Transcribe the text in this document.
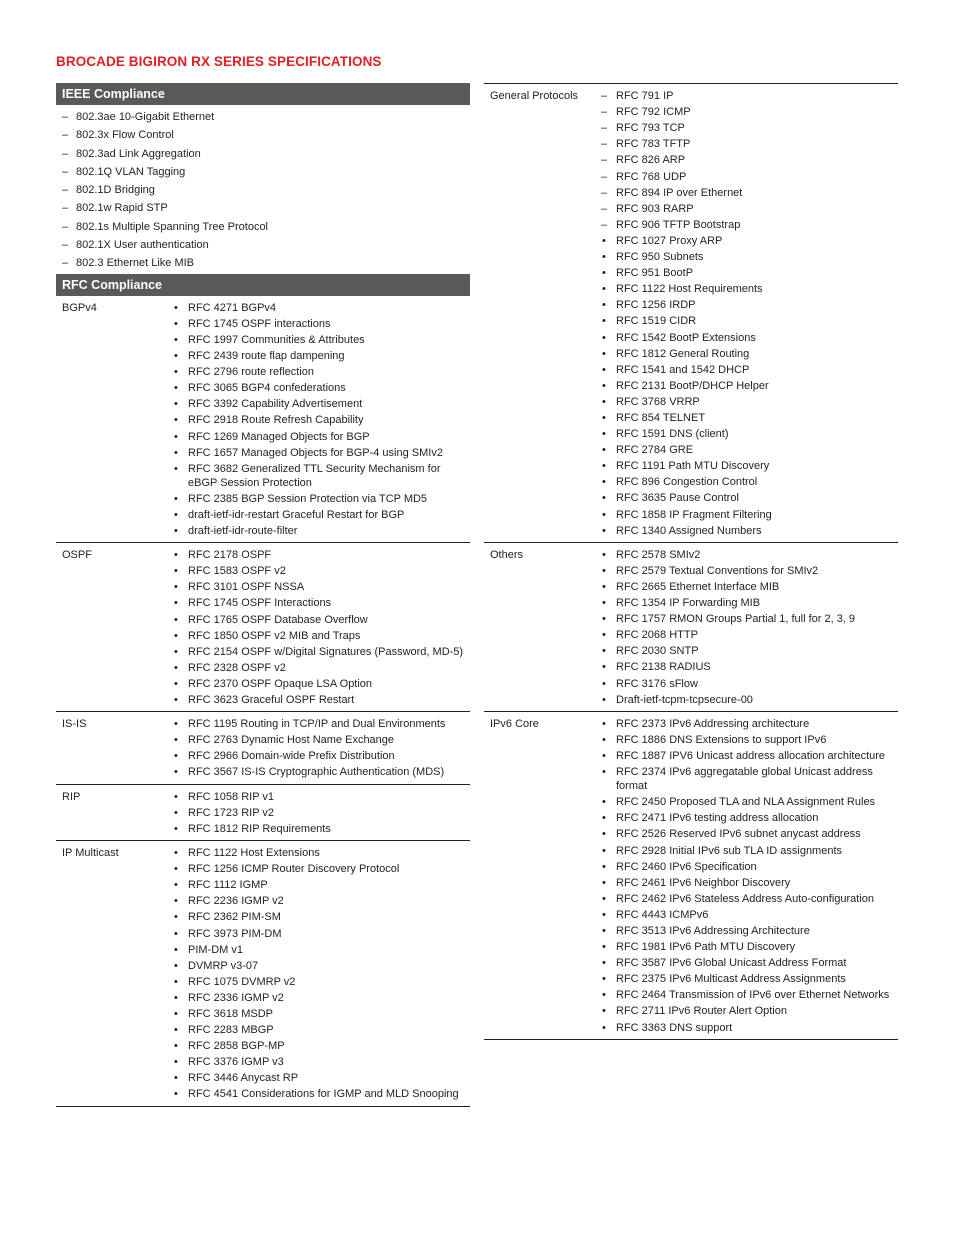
BROCADE BIGIRON RX SERIES SPECIFICATIONS
IEEE Compliance
– 802.3ae 10-Gigabit Ethernet
– 802.3x Flow Control
– 802.3ad Link Aggregation
– 802.1Q VLAN Tagging
– 802.1D Bridging
– 802.1w Rapid STP
– 802.1s Multiple Spanning Tree Protocol
– 802.1X User authentication
– 802.3 Ethernet Like MIB
RFC Compliance
BGPv4	• RFC 4271 BGPv4
• RFC 1745 OSPF interactions
• RFC 1997 Communities & Attributes
• RFC 2439 route flap dampening
• RFC 2796 route reflection
• RFC 3065 BGP4 confederations
• RFC 3392 Capability Advertisement
• RFC 2918 Route Refresh Capability
• RFC 1269 Managed Objects for BGP
• RFC 1657 Managed Objects for BGP-4 using SMIv2
• RFC 3682 Generalized TTL Security Mechanism for eBGP Session Protection
• RFC 2385 BGP Session Protection via TCP MD5
• draft-ietf-idr-restart Graceful Restart for BGP
• draft-ietf-idr-route-filter
OSPF	• RFC 2178 OSPF
• RFC 1583 OSPF v2
• RFC 3101 OSPF NSSA
• RFC 1745 OSPF Interactions
• RFC 1765 OSPF Database Overflow
• RFC 1850 OSPF v2 MIB and Traps
• RFC 2154 OSPF w/Digital Signatures (Password, MD-5)
• RFC 2328 OSPF v2
• RFC 2370 OSPF Opaque LSA Option
• RFC 3623 Graceful OSPF Restart
IS-IS	• RFC 1195 Routing in TCP/IP and Dual Environments
• RFC 2763 Dynamic Host Name Exchange
• RFC 2966 Domain-wide Prefix Distribution
• RFC 3567 IS-IS Cryptographic Authentication (MDS)
RIP	• RFC 1058 RIP v1
• RFC 1723 RIP v2
• RFC 1812 RIP Requirements
IP Multicast	• RFC 1122 Host Extensions
• RFC 1256 ICMP Router Discovery Protocol
• RFC 1112 IGMP
• RFC 2236 IGMP v2
• RFC 2362 PIM-SM
• RFC 3973 PIM-DM
• PIM-DM v1
• DVMRP v3-07
• RFC 1075 DVMRP v2
• RFC 2336 IGMP v2
• RFC 3618 MSDP
• RFC 2283 MBGP
• RFC 2858 BGP-MP
• RFC 3376 IGMP v3
• RFC 3446 Anycast RP
• RFC 4541 Considerations for IGMP and MLD Snooping
General Protocols	– RFC 791 IP
– RFC 792 ICMP
– RFC 793 TCP
– RFC 783 TFTP
– RFC 826 ARP
– RFC 768 UDP
– RFC 894 IP over Ethernet
– RFC 903 RARP
– RFC 906 TFTP Bootstrap
• RFC 1027 Proxy ARP
• RFC 950 Subnets
• RFC 951 BootP
• RFC 1122 Host Requirements
• RFC 1256 IRDP
• RFC 1519 CIDR
• RFC 1542 BootP Extensions
• RFC 1812 General Routing
• RFC 1541 and 1542 DHCP
• RFC 2131 BootP/DHCP Helper
• RFC 3768 VRRP
• RFC 854 TELNET
• RFC 1591 DNS (client)
• RFC 2784 GRE
• RFC 1191 Path MTU Discovery
• RFC 896 Congestion Control
• RFC 3635 Pause Control
• RFC 1858 IP Fragment Filtering
• RFC 1340 Assigned Numbers
Others	• RFC 2578 SMIv2
• RFC 2579 Textual Conventions for SMIv2
• RFC 2665 Ethernet Interface MIB
• RFC 1354 IP Forwarding MIB
• RFC 1757 RMON Groups Partial 1, full for 2, 3, 9
• RFC 2068 HTTP
• RFC 2030 SNTP
• RFC 2138 RADIUS
• RFC 3176 sFlow
• Draft-ietf-tcpm-tcpsecure-00
IPv6 Core	• RFC 2373 IPv6 Addressing architecture
• RFC 1886 DNS Extensions to support IPv6
• RFC 1887 IPV6 Unicast address allocation architecture
• RFC 2374 IPv6 aggregatable global Unicast address format
• RFC 2450 Proposed TLA and NLA Assignment Rules
• RFC 2471 IPv6 testing address allocation
• RFC 2526 Reserved IPv6 subnet anycast address
• RFC 2928 Initial IPv6 sub TLA ID assignments
• RFC 2460 IPv6 Specification
• RFC 2461 IPv6 Neighbor Discovery
• RFC 2462 IPv6 Stateless Address Auto-configuration
• RFC 4443 ICMPv6
• RFC 3513 IPv6 Addressing Architecture
• RFC 1981 IPv6 Path MTU Discovery
• RFC 3587 IPv6 Global Unicast Address Format
• RFC 2375 IPv6 Multicast Address Assignments
• RFC 2464 Transmission of IPv6 over Ethernet Networks
• RFC 2711 IPv6 Router Alert Option
• RFC 3363 DNS support
